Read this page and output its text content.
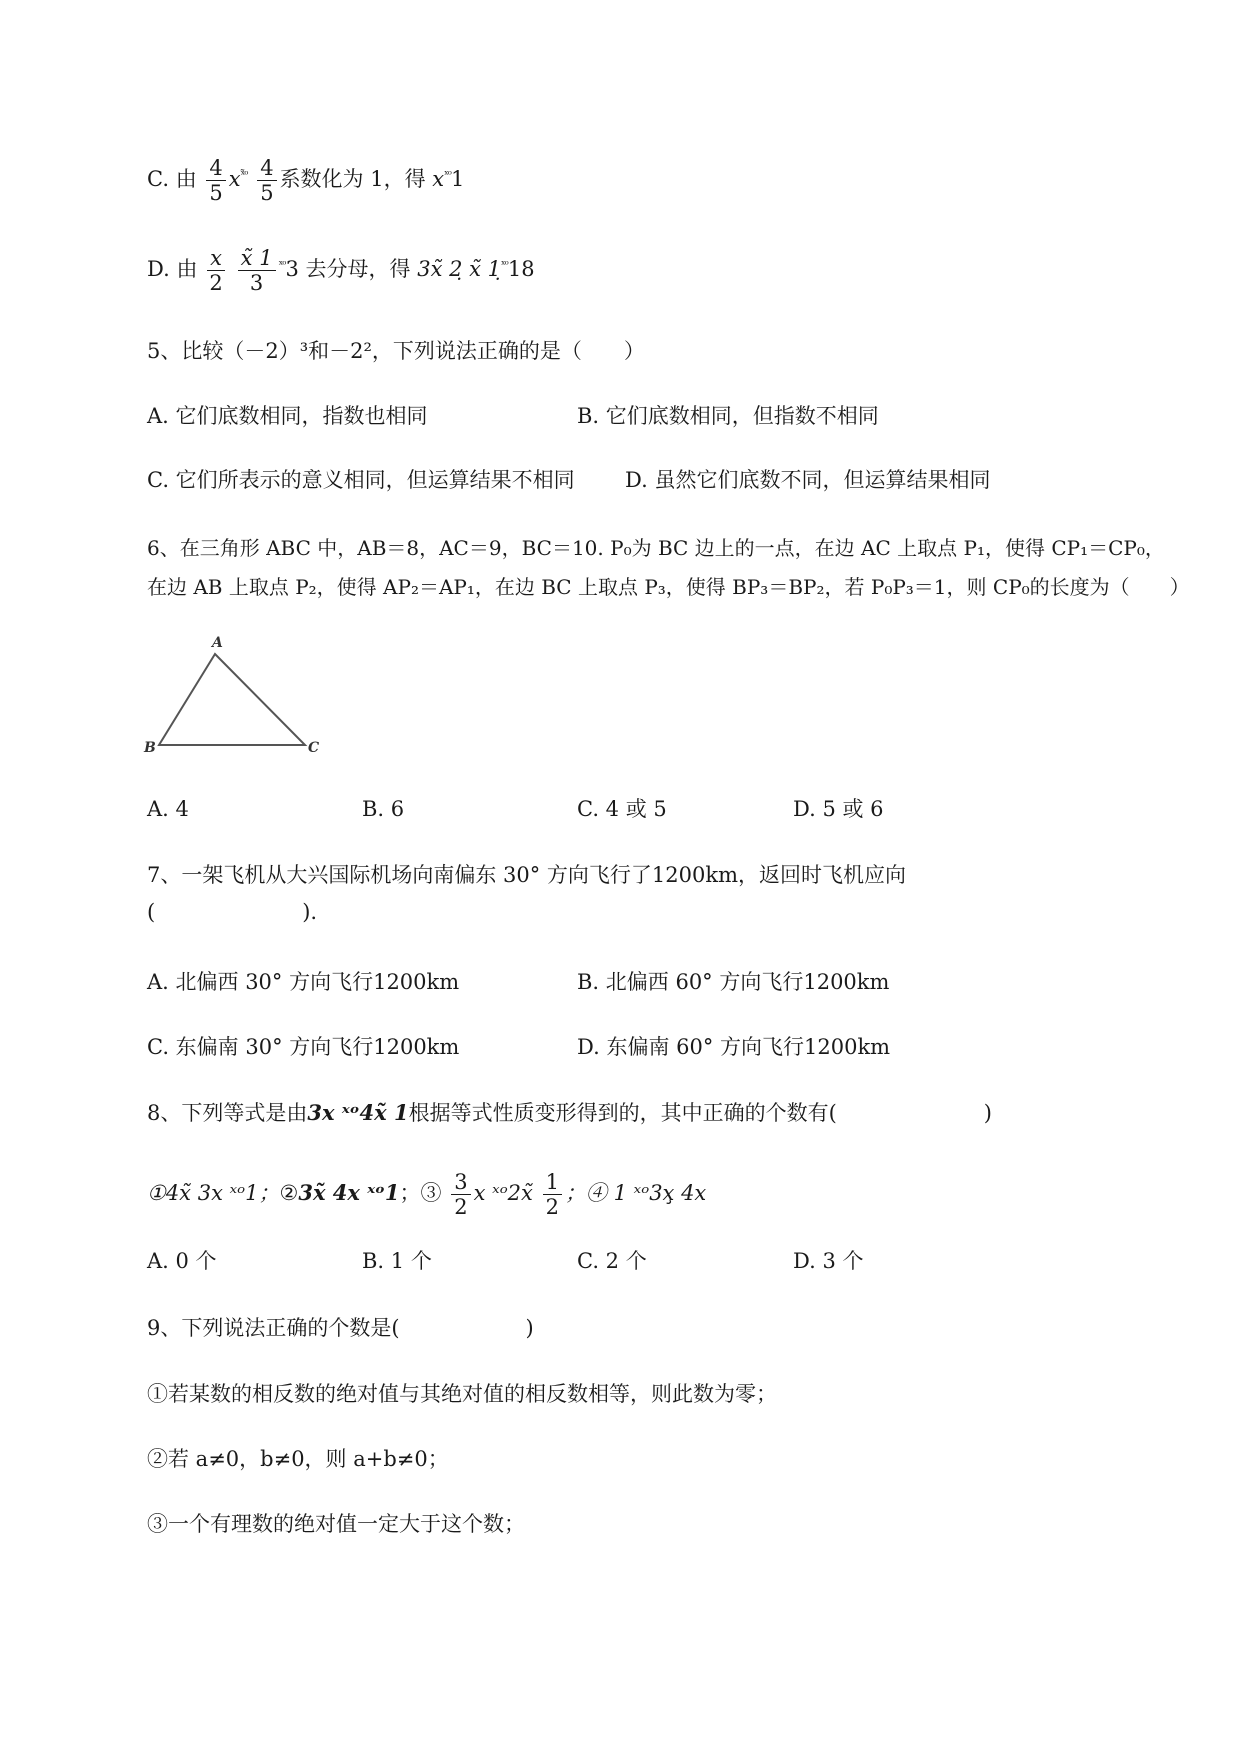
C. 由 $\frac{4}{5} x^{ˣ̃ᵒ} \frac{4}{5}$ 系数化为 1，得 $x^{ˣᵒ}1$
D. 由 $\frac{x}{2}$
$\frac{x̃ 1}{3} ^{ˣᵒ}3$ 去分母，得 3x̃ 2̣ x̃ 1̣$^{ˣᵒ}$18
5、比较（－2）³和－2²，下列说法正确的是（　　）
A. 它们底数相同，指数也相同	B. 它们底数相同，但指数不相同
C. 它们所表示的意义相同，但运算结果不相同 D. 虽然它们底数不同，但运算结果相同
6、在三角形 ABC 中，AB＝8，AC＝9，BC＝10. P₀为 BC 边上的一点，在边 AC 上取点 P₁，使得 CP₁＝CP₀，
在边 AB 上取点 P₂，使得 AP₂＝AP₁，在边 BC 上取点 P₃，使得 BP₃＝BP₂，若 P₀P₃＝1，则 CP₀的长度为（　　）
A
B	C
A. 4	B. 6	C. 4 或 5	D. 5 或 6
7、一架飞机从大兴国际机场向南偏东 30° 方向飞行了1200km，返回时飞机应向
(　　　　　　　).
A. 北偏西 30° 方向飞行1200km	B. 北偏西 60° 方向飞行1200km
C. 东偏南 30° 方向飞行1200km	D. 东偏南 60° 方向飞行1200km
8、下列等式是由3x ˣᵒ4x̃ 1根据等式性质变形得到的，其中正确的个数有(　　　　　　　)
①4x̃ 3x ˣᵒ1；②3x̃ 4x ˣᵒ1；③ $\frac{3}{2}$ x ˣᵒ2x̃ $\frac{1}{2}$ ；④ 1 ˣᵒ3x̧ 4x
A. 0 个	B. 1 个	C. 2 个	D. 3 个
9、下列说法正确的个数是(　　　　　　)
①若某数的相反数的绝对值与其绝对值的相反数相等，则此数为零；
②若 a≠0，b≠0，则 a+b≠0；
③一个有理数的绝对值一定大于这个数；
